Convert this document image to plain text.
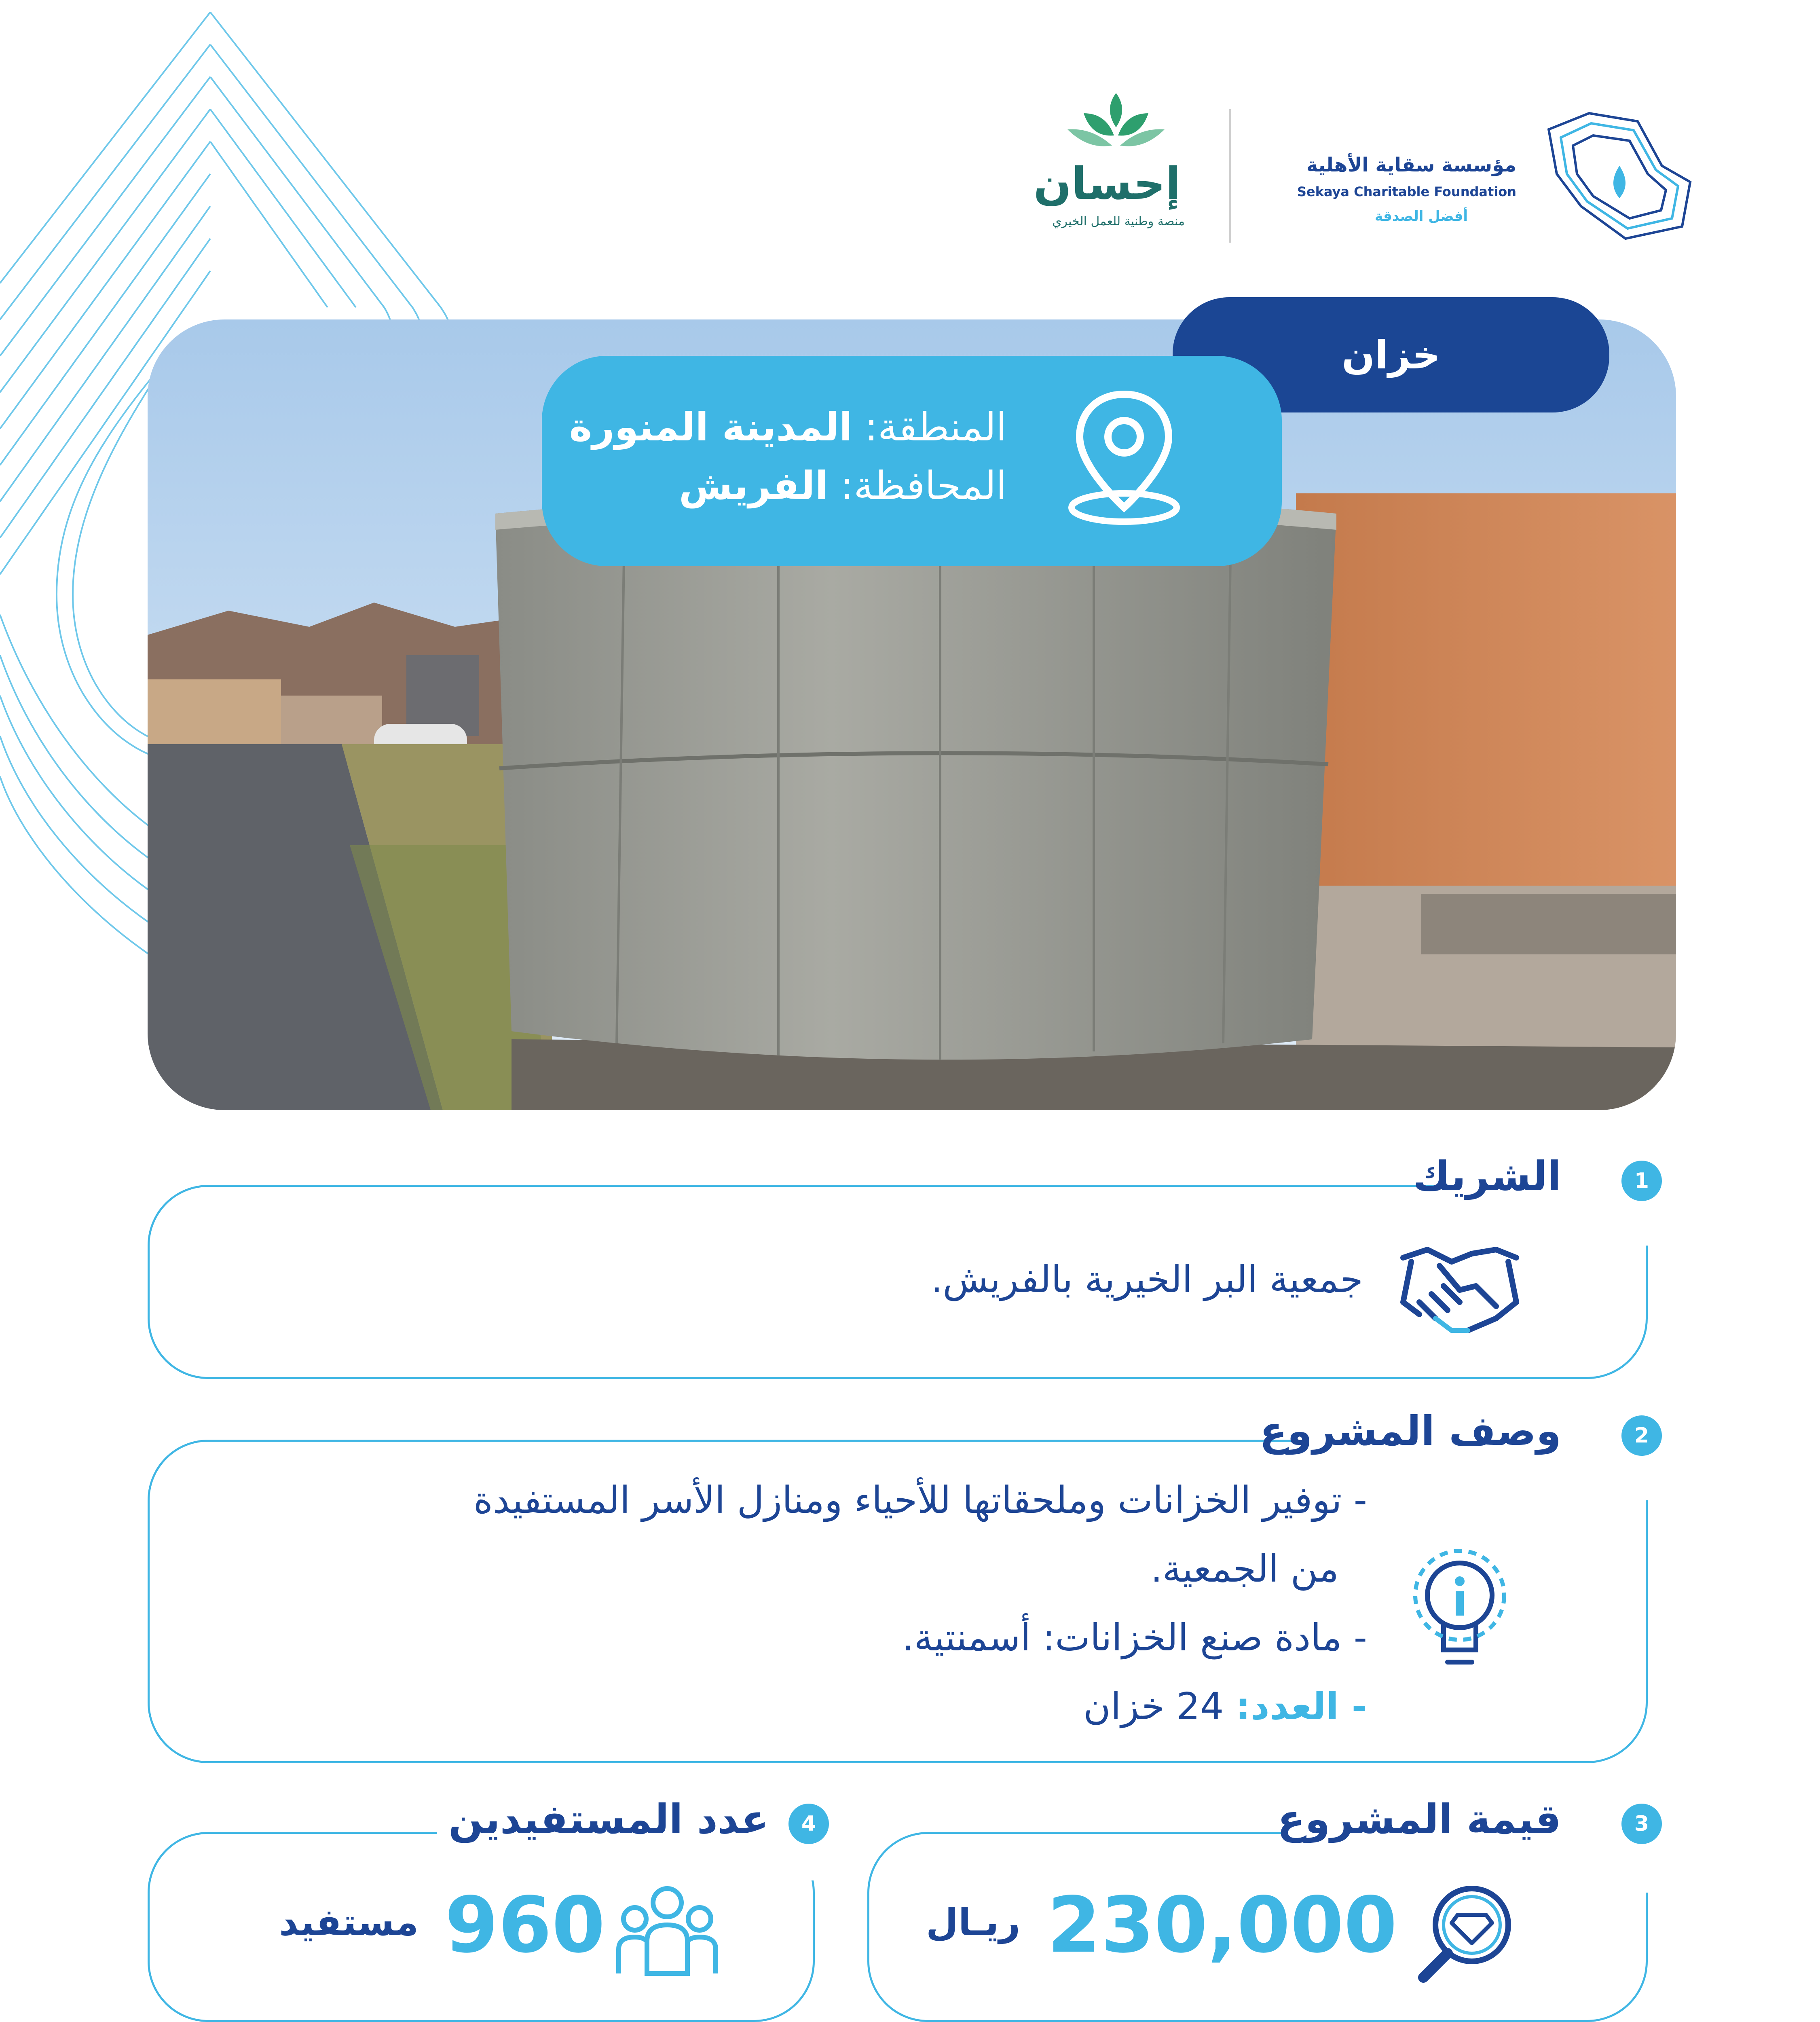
إحسان
منصة وطنية للعمل الخيري
مؤسسة سقاية الأهلية
Sekaya Charitable Foundation
أفضل الصدقة
خزان
المنطقة: المدينة المنورة
المحافظة: الفريش
1
الشريك
جمعية البر الخيرية بالفريش.
2
وصف المشروع
- توفير الخزانات وملحقاتها للأحياء ومنازل الأسر المستفيدة
من الجمعية.
- مادة صنع الخزانات: أسمنتية.
- العدد: 24 خزان
3
قيمة المشروع
230,000
ريـال
4
عدد المستفيدين
960
مستفيد
